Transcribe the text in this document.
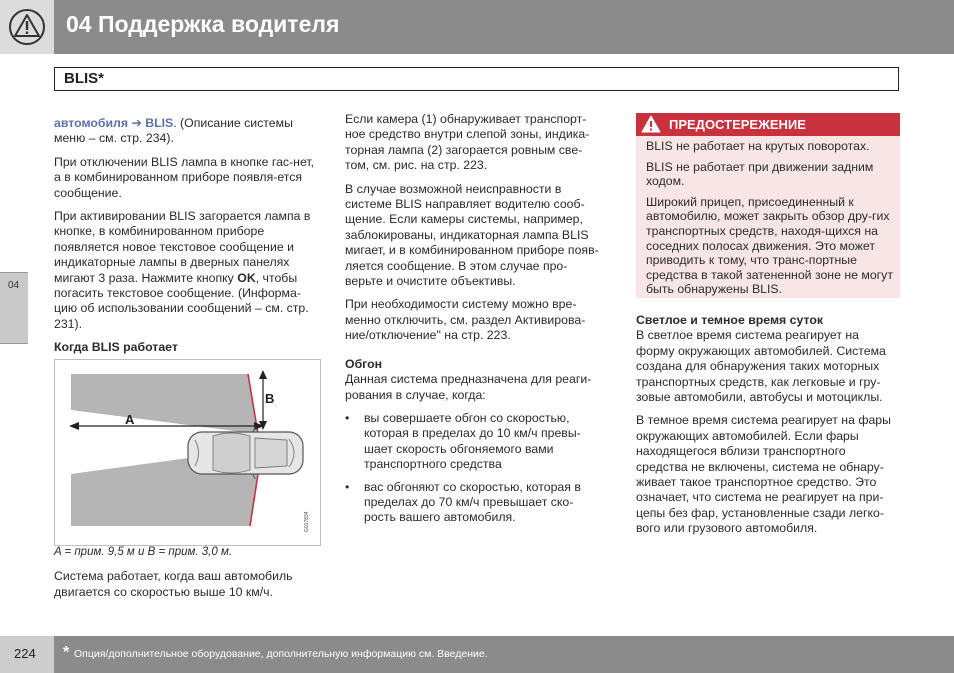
04 Поддержка водителя
BLIS*
04

автомобиля ➔ BLIS. (Описание системы меню – см. стр. 234).

При отключении BLIS лампа в кнопке гас-нет, а в комбинированном приборе появля-ется сообщение.

При активировании BLIS загорается лампа в кнопке, в комбинированном приборе появляется новое текстовое сообщение и индикаторные лампы в дверных панелях мигают 3 раза. Нажмите кнопку OK, чтобы погасить текстовое сообщение. (Информа-цию об использовании сообщений – см. стр. 231).

Когда BLIS работает
B
A
G017834

A = прим. 9,5 м и B = прим. 3,0 м.

Система работает, когда ваш автомобиль двигается со скоростью выше 10 км/ч.

Если камера (1) обнаруживает транспорт-ное средство внутри слепой зоны, индика-торная лампа (2) загорается ровным све-том, см. рис. на стр. 223.

В случае возможной неисправности в системе BLIS направляет водителю сооб-щение. Если камеры системы, например, заблокированы, индикаторная лампа BLIS мигает, и в комбинированном приборе появ-ляется сообщение. В этом случае про-верьте и очистите объективы.

При необходимости систему можно вре-менно отключить, см. раздел Активирова-ние/отключение" на стр. 223.

Обгон

Данная система предназначена для реаги-рования в случае, когда:

• вы совершаете обгон со скоростью, которая в пределах до 10 км/ч превы-шает скорость обгоняемого вами транспортного средства
• вас обгоняют со скоростью, которая в пределах до 70 км/ч превышает ско-рость вашего автомобиля.
ПРЕДОСТЕРЕЖЕНИЕ

BLIS не работает на крутых поворотах.

BLIS не работает при движении задним ходом.

Широкий прицеп, присоединенный к автомобилю, может закрыть обзор дру-гих транспортных средств, находя-щихся на соседних полосах движения. Это может приводить к тому, что транс-портные средства в такой затененной зоне не могут быть обнаружены BLIS.

Светлое и темное время суток

В светлое время система реагирует на форму окружающих автомобилей. Система создана для обнаружения таких моторных транспортных средств, как легковые и гру-зовые автомобили, автобусы и мотоциклы.

В темное время система реагирует на фары окружающих автомобилей. Если фары находящегося вблизи транспортного средства не включены, система не обнару-живает такое транспортное средство. Это означает, что система не реагирует на при-цепы без фар, установленные сзади легко-вого или грузового автомобиля.

224 * Опция/дополнительное оборудование, дополнительную информацию см. Введение.
